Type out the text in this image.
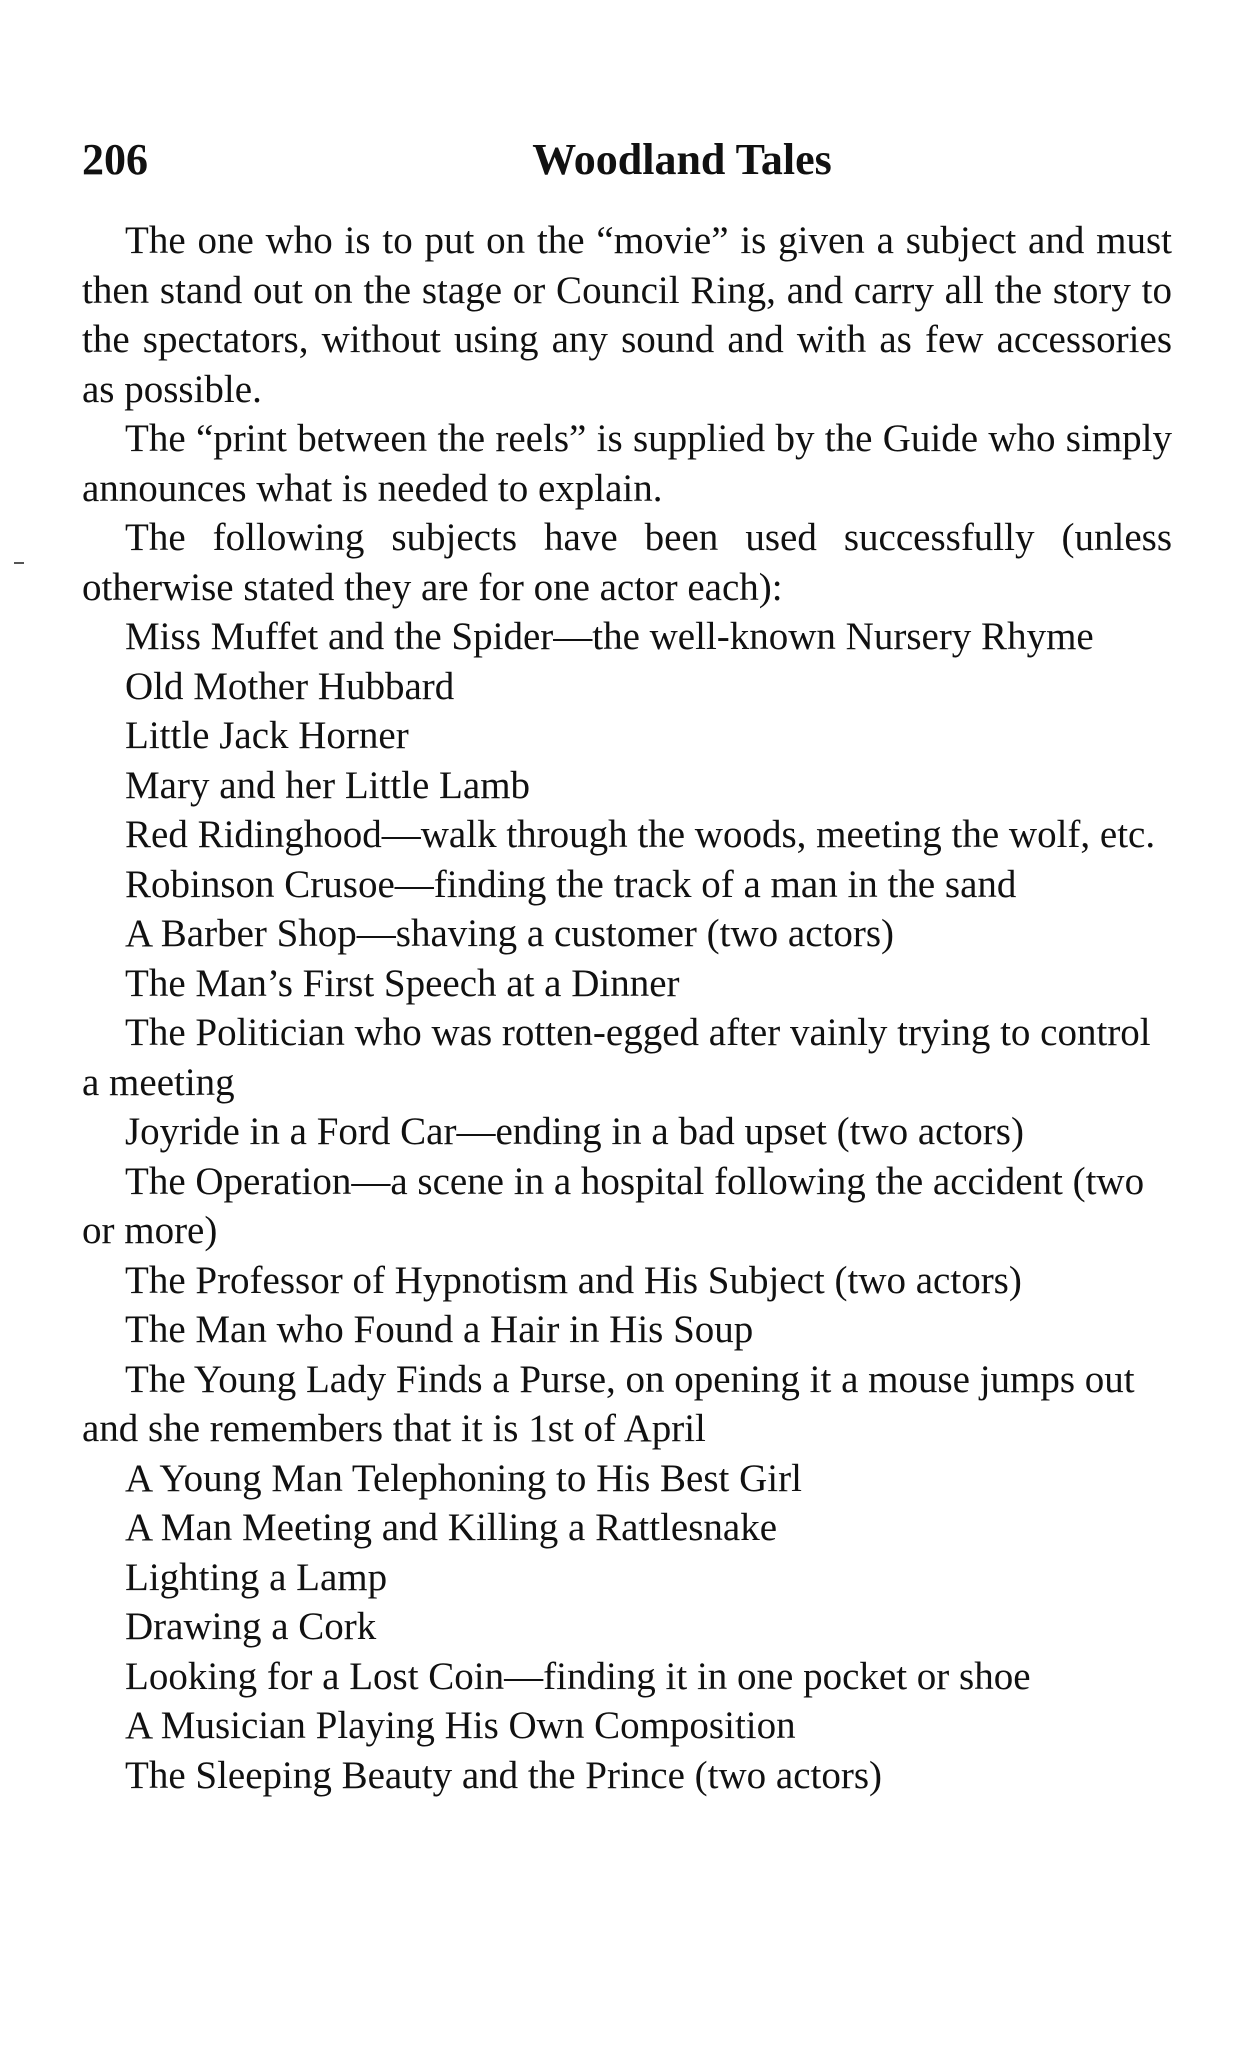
206	Woodland Tales

The one who is to put on the “movie” is given a subject and must then stand out on the stage or Council Ring, and carry all the story to the spectators, without using any sound and with as few accessories as possible.

The “print between the reels” is supplied by the Guide who simply announces what is needed to explain.

The following subjects have been used successfully (unless otherwise stated they are for one actor each):

Miss Muffet and the Spider—the well-known Nursery Rhyme
Old Mother Hubbard
Little Jack Horner
Mary and her Little Lamb
Red Ridinghood—walk through the woods, meeting the wolf, etc.
Robinson Crusoe—finding the track of a man in the sand
A Barber Shop—shaving a customer (two actors)
The Man’s First Speech at a Dinner
The Politician who was rotten-egged after vainly trying to control a meeting
Joyride in a Ford Car—ending in a bad upset (two actors)
The Operation—a scene in a hospital following the accident (two or more)
The Professor of Hypnotism and His Subject (two actors)
The Man who Found a Hair in His Soup
The Young Lady Finds a Purse, on opening it a mouse jumps out and she remembers that it is 1st of April
A Young Man Telephoning to His Best Girl
A Man Meeting and Killing a Rattlesnake
Lighting a Lamp
Drawing a Cork
Looking for a Lost Coin—finding it in one pocket or shoe
A Musician Playing His Own Composition
The Sleeping Beauty and the Prince (two actors)
